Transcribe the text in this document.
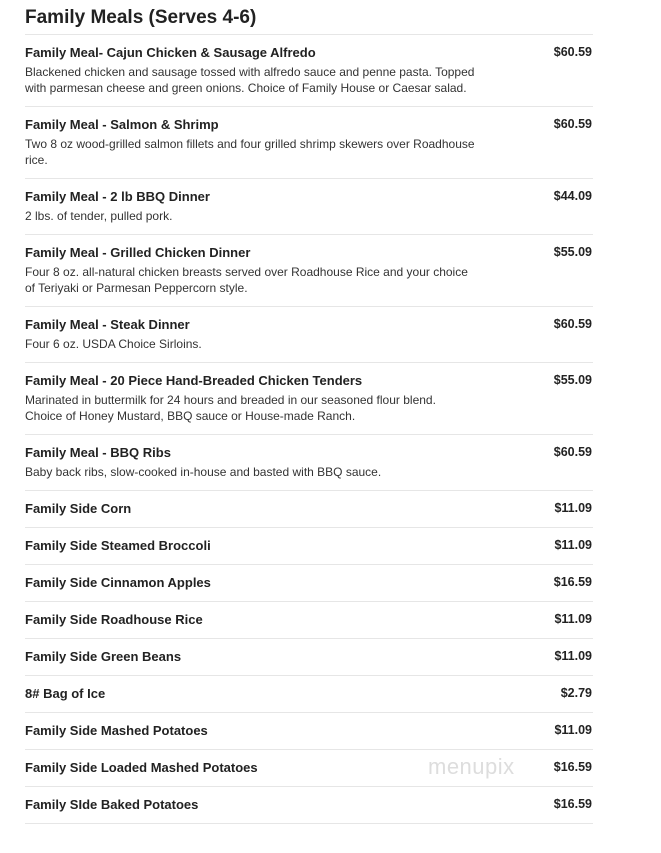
Family Meals (Serves 4-6)
Family Meal- Cajun Chicken & Sausage Alfredo	$60.59
Blackened chicken and sausage tossed with alfredo sauce and penne pasta. Topped with parmesan cheese and green onions. Choice of Family House or Caesar salad.
Family Meal - Salmon & Shrimp	$60.59
Two 8 oz wood-grilled salmon fillets and four grilled shrimp skewers over Roadhouse rice.
Family Meal - 2 lb BBQ Dinner	$44.09
2 lbs. of tender, pulled pork.
Family Meal - Grilled Chicken Dinner	$55.09
Four 8 oz. all-natural chicken breasts served over Roadhouse Rice and your choice of Teriyaki or Parmesan Peppercorn style.
Family Meal - Steak Dinner	$60.59
Four 6 oz. USDA Choice Sirloins.
Family Meal - 20 Piece Hand-Breaded Chicken Tenders	$55.09
Marinated in buttermilk for 24 hours and breaded in our seasoned flour blend. Choice of Honey Mustard, BBQ sauce or House-made Ranch.
Family Meal - BBQ Ribs	$60.59
Baby back ribs, slow-cooked in-house and basted with BBQ sauce.
Family Side Corn	$11.09
Family Side Steamed Broccoli	$11.09
Family Side Cinnamon Apples	$16.59
Family Side Roadhouse Rice	$11.09
Family Side Green Beans	$11.09
8# Bag of Ice	$2.79
Family Side Mashed Potatoes	$11.09
Family Side Loaded Mashed Potatoes	$16.59
Family SIde Baked Potatoes	$16.59
menupix
